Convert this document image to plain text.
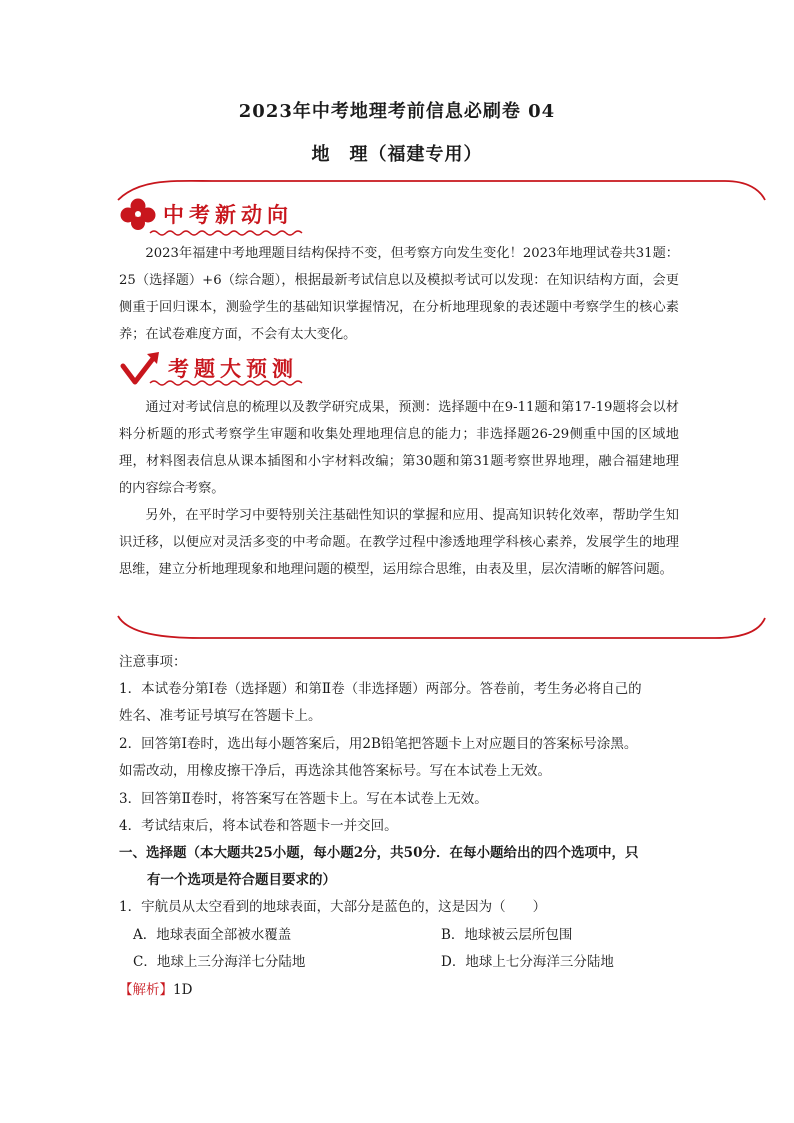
2023年中考地理考前信息必刷卷 04
地　理（福建专用）
中考新动向
2023年福建中考地理题目结构保持不变，但考察方向发生变化！2023年地理试卷共31题：25（选择题）+6（综合题），根据最新考试信息以及模拟考试可以发现：在知识结构方面，会更侧重于回归课本，测验学生的基础知识掌握情况，在分析地理现象的表述题中考察学生的核心素养；在试卷难度方面，不会有太大变化。
考题大预测
通过对考试信息的梳理以及教学研究成果，预测：选择题中在9-11题和第17-19题将会以材料分析题的形式考察学生审题和收集处理地理信息的能力；非选择题26-29侧重中国的区域地理，材料图表信息从课本插图和小字材料改编；第30题和第31题考察世界地理，融合福建地理的内容综合考察。
另外，在平时学习中要特别关注基础性知识的掌握和应用、提高知识转化效率，帮助学生知识迁移，以便应对灵活多变的中考命题。在教学过程中渗透地理学科核心素养，发展学生的地理思维，建立分析地理现象和地理问题的模型，运用综合思维，由表及里，层次清晰的解答问题。
注意事项：
1．本试卷分第Ⅰ卷（选择题）和第Ⅱ卷（非选择题）两部分。答卷前，考生务必将自己的
姓名、准考证号填写在答题卡上。
2．回答第Ⅰ卷时，选出每小题答案后，用2B铅笔把答题卡上对应题目的答案标号涂黑。
如需改动，用橡皮擦干净后，再选涂其他答案标号。写在本试卷上无效。
3．回答第Ⅱ卷时，将答案写在答题卡上。写在本试卷上无效。
4．考试结束后，将本试卷和答题卡一并交回。
一、选择题（本大题共25小题，每小题2分，共50分．在每小题给出的四个选项中，只
有一个选项是符合题目要求的）
1．宇航员从太空看到的地球表面，大部分是蓝色的，这是因为（　　）
A．地球表面全部被水覆盖	B．地球被云层所包围
C．地球上三分海洋七分陆地	D．地球上七分海洋三分陆地
【解析】1D
